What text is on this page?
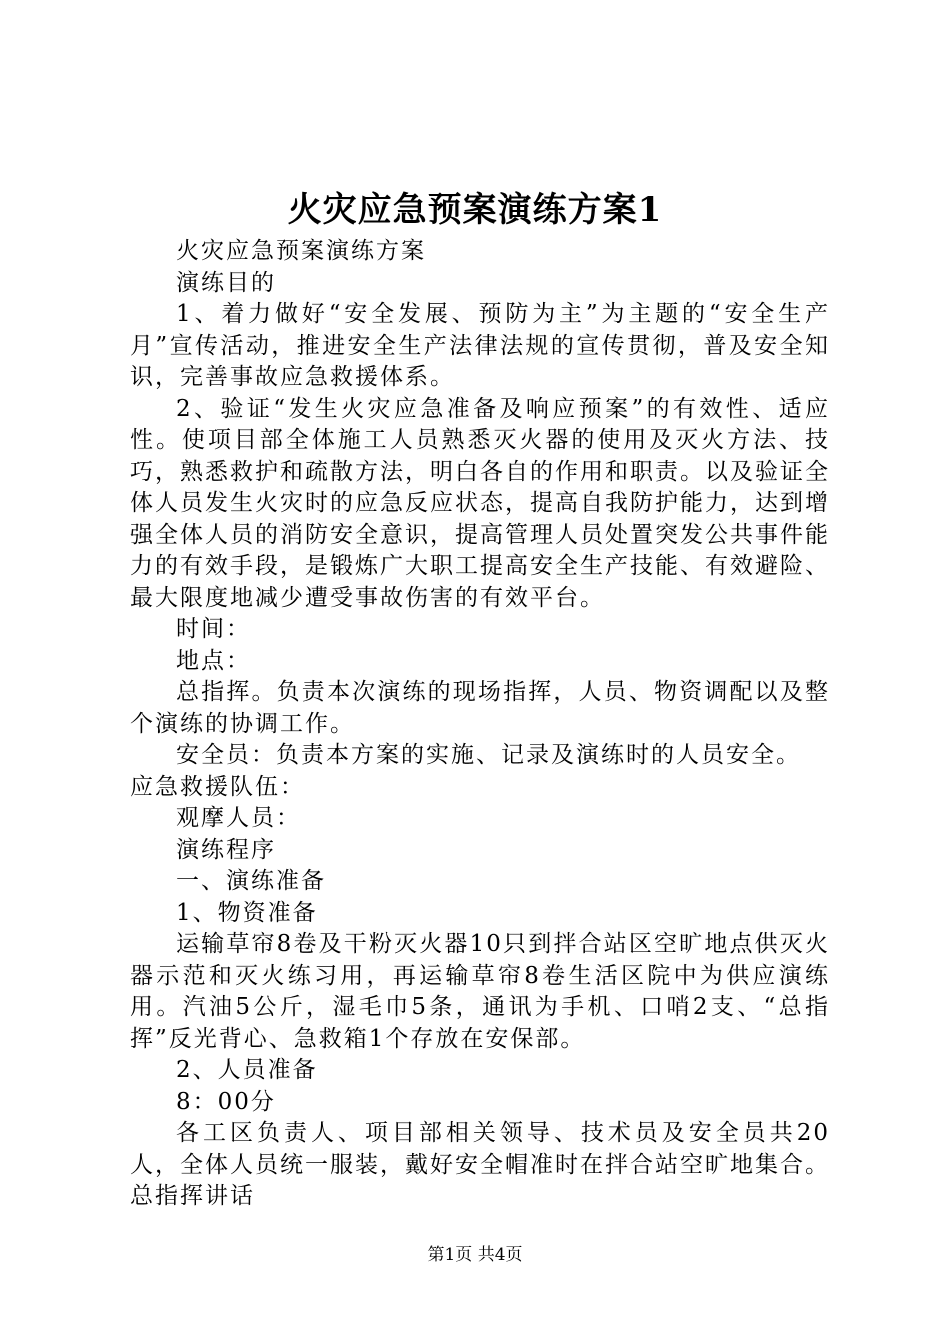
火灾应急预案演练方案1

火灾应急预案演练方案

演练目的

1、着力做好“安全发展、预防为主”为主题的“安全生产月”宣传活动，推进安全生产法律法规的宣传贯彻，普及安全知识，完善事故应急救援体系。

2、验证“发生火灾应急准备及响应预案”的有效性、适应性。使项目部全体施工人员熟悉灭火器的使用及灭火方法、技巧，熟悉救护和疏散方法，明白各自的作用和职责。以及验证全体人员发生火灾时的应急反应状态，提高自我防护能力，达到增强全体人员的消防安全意识，提高管理人员处置突发公共事件能力的有效手段，是锻炼广大职工提高安全生产技能、有效避险、最大限度地减少遭受事故伤害的有效平台。

时间：

地点：

总指挥。负责本次演练的现场指挥，人员、物资调配以及整个演练的协调工作。

安全员：负责本方案的实施、记录及演练时的人员安全。

应急救援队伍：

观摩人员：

演练程序

一、演练准备

1、物资准备

运输草帘8卷及干粉灭火器10只到拌合站区空旷地点供灭火器示范和灭火练习用，再运输草帘8卷生活区院中为供应演练用。汽油5公斤，湿毛巾5条，通讯为手机、口哨2支、“总指挥”反光背心、急救箱1个存放在安保部。

2、人员准备

8：00分

各工区负责人、项目部相关领导、技术员及安全员共20人，全体人员统一服装，戴好安全帽准时在拌合站空旷地集合。总指挥讲话

第1页 共4页
